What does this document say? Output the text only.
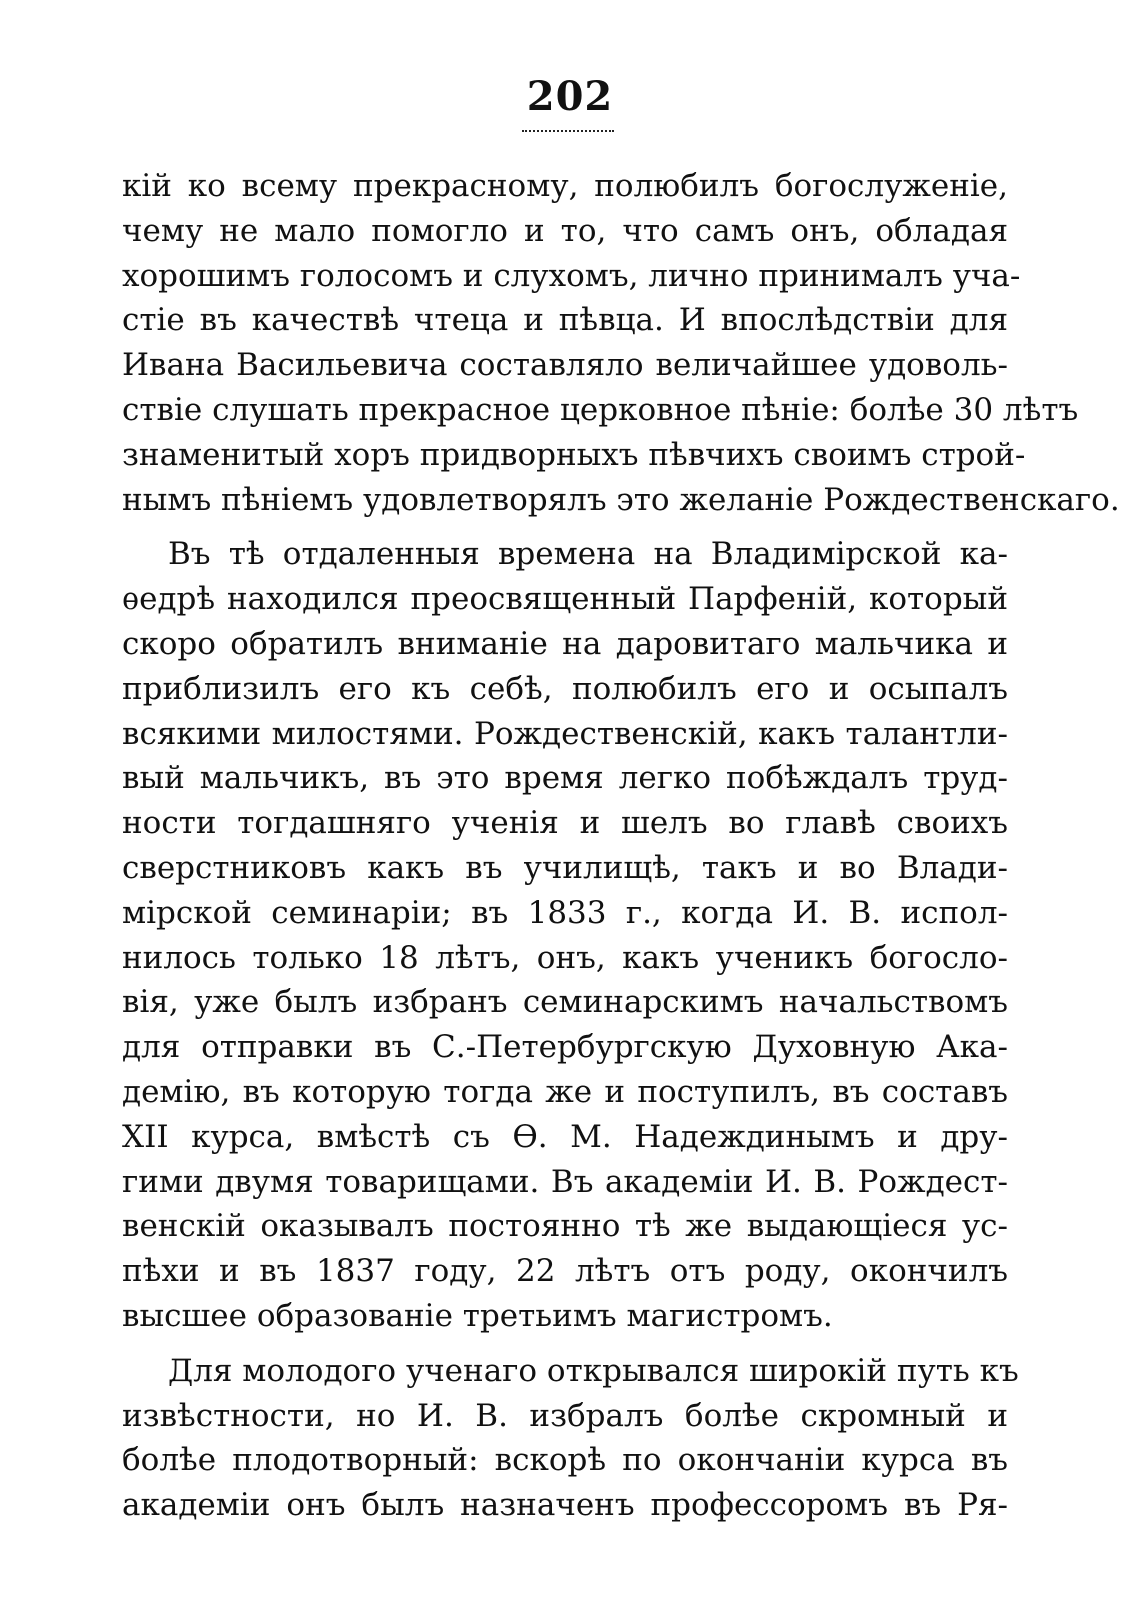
202
кій ко всему прекрасному, полюбилъ богослуженіе,
чему не мало помогло и то, что самъ онъ, обладая
хорошимъ голосомъ и слухомъ, лично принималъ уча-
стіе въ качествѣ чтеца и пѣвца. И впослѣдствіи для
Ивана Васильевича составляло величайшее удоволь-
ствіе слушать прекрасное церковное пѣніе: болѣе 30 лѣтъ
знаменитый хоръ придворныхъ пѣвчихъ своимъ строй-
нымъ пѣніемъ удовлетворялъ это желаніе Рождественскаго.
Въ тѣ отдаленныя времена на Владимірской ка-
ѳедрѣ находился преосвященный Парфеній, который
скоро обратилъ вниманіе на даровитаго мальчика и
приблизилъ его къ себѣ, полюбилъ его и осыпалъ
всякими милостями. Рождественскій, какъ талантли-
вый мальчикъ, въ это время легко побѣждалъ труд-
ности тогдашняго ученія и шелъ во главѣ своихъ
сверстниковъ какъ въ училищѣ, такъ и во Влади-
мірской семинаріи; въ 1833 г., когда И. В. испол-
нилось только 18 лѣтъ, онъ, какъ ученикъ богосло-
вія, уже былъ избранъ семинарскимъ начальствомъ
для отправки въ С.-Петербургскую Духовную Ака-
демію, въ которую тогда же и поступилъ, въ составъ
XII курса, вмѣстѣ съ Ѳ. М. Надеждинымъ и дру-
гими двумя товарищами. Въ академіи И. В. Рождест-
венскій оказывалъ постоянно тѣ же выдающіеся ус-
пѣхи и въ 1837 году, 22 лѣтъ отъ роду, окончилъ
высшее образованіе третьимъ магистромъ.
Для молодого ученаго открывался широкій путь къ
извѣстности, но И. В. избралъ болѣе скромный и
болѣе плодотворный: вскорѣ по окончаніи курса въ
академіи онъ былъ назначенъ профессоромъ въ Ря-
